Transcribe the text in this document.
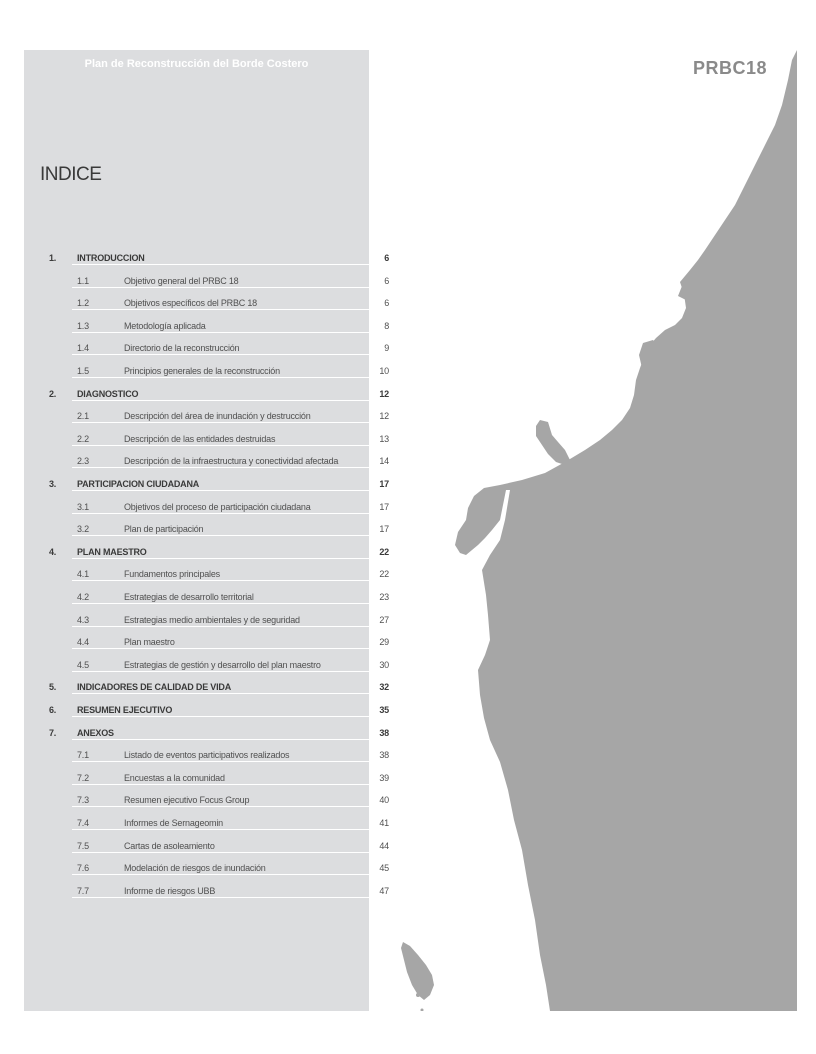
Plan de Reconstrucción del Borde Costero	PRBC18
INDICE
1. INTRODUCCION	6
1.1	Objetivo general del PRBC 18	6
1.2	Objetivos específicos del PRBC 18	6
1.3	Metodología aplicada	8
1.4	Directorio de la reconstrucción	9
1.5	Principios generales de la reconstrucción	10
2. DIAGNOSTICO	12
2.1	Descripción del área de inundación y destrucción	12
2.2	Descripción de las entidades destruidas	13
2.3	Descripción de la infraestructura y conectividad afectada	14
3. PARTICIPACION CIUDADANA	17
3.1	Objetivos del proceso de participación ciudadana	17
3.2	Plan de participación	17
4. PLAN MAESTRO	22
4.1	Fundamentos principales	22
4.2	Estrategias de desarrollo territorial	23
4.3	Estrategias medio ambientales y de seguridad	27
4.4	Plan maestro	29
4.5	Estrategias de gestión y desarrollo del plan maestro	30
5. INDICADORES DE CALIDAD DE VIDA	32
6. RESUMEN EJECUTIVO	35
7. ANEXOS	38
7.1	Listado de eventos participativos realizados	38
7.2	Encuestas a la comunidad	39
7.3	Resumen ejecutivo Focus Group	40
7.4	Informes de Sernageomin	41
7.5	Cartas de asoleamiento	44
7.6	Modelación de riesgos de inundación	45
7.7	Informe de riesgos UBB	47
